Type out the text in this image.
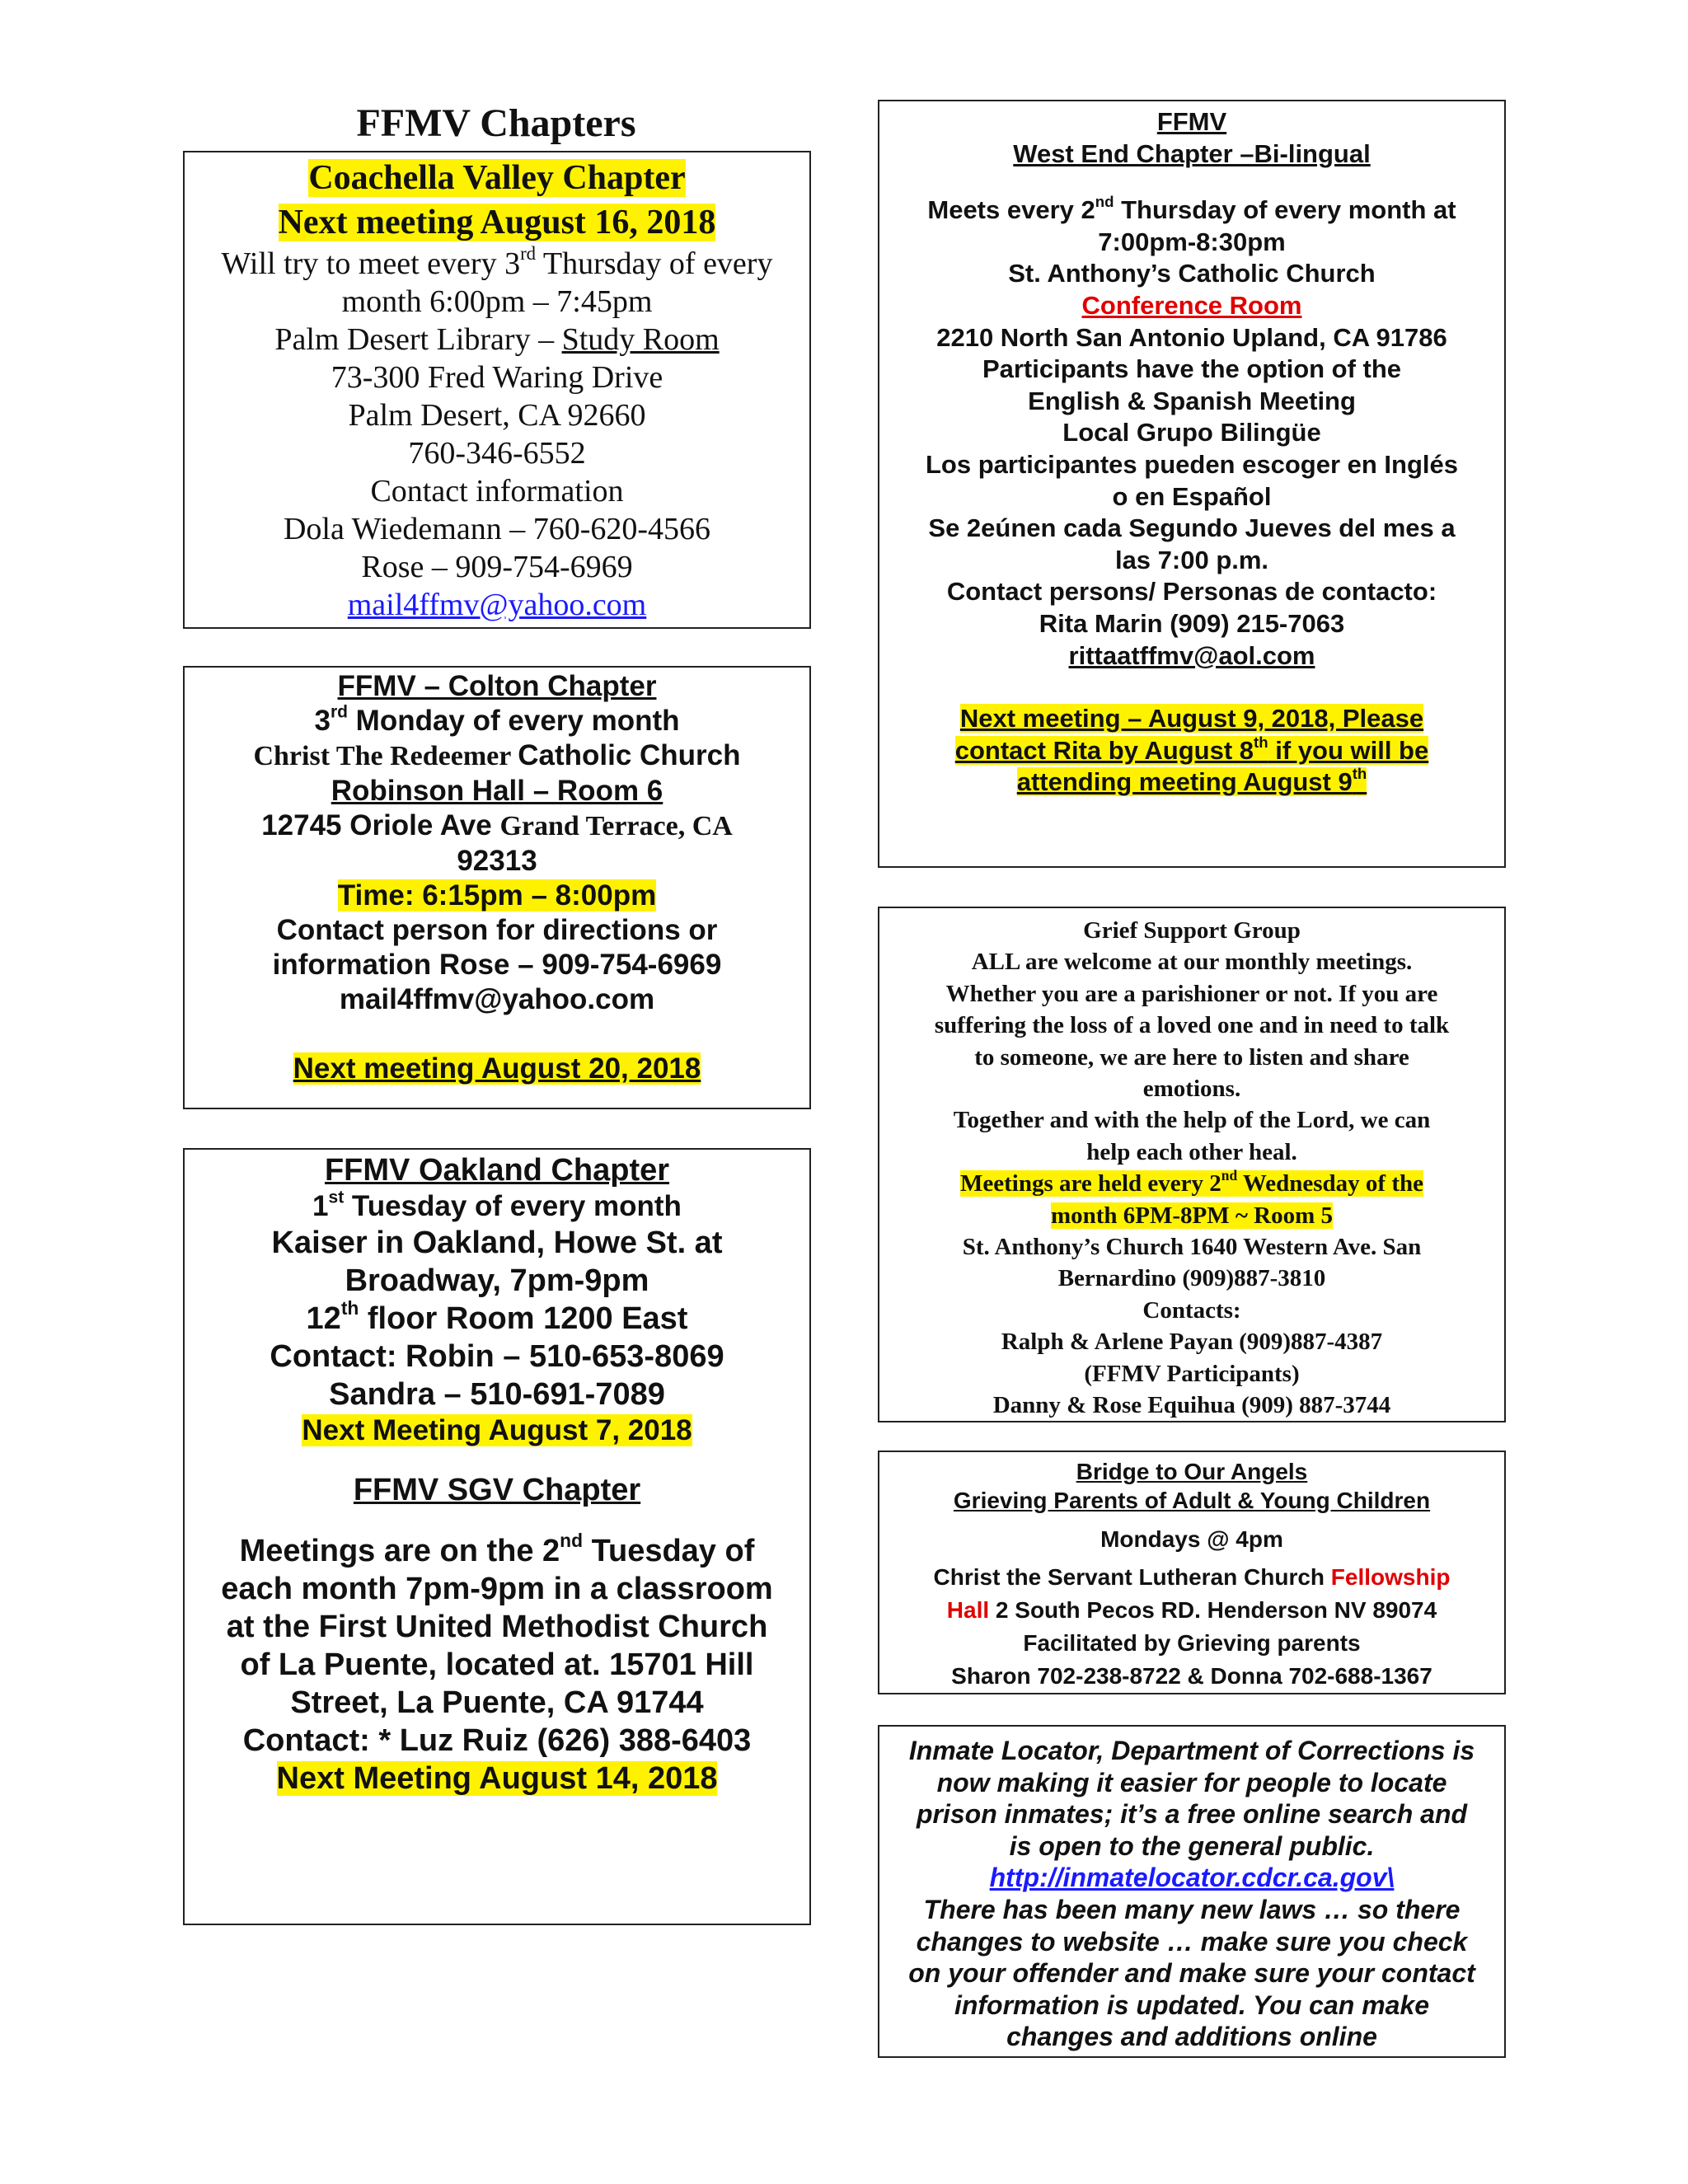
FFMV Chapters
Coachella Valley Chapter
Next meeting August 16, 2018
Will try to meet every 3rd Thursday of every
month 6:00pm – 7:45pm
Palm Desert Library – Study Room
73-300 Fred Waring Drive
Palm Desert, CA 92660
760-346-6552
Contact information
Dola Wiedemann – 760-620-4566
Rose – 909-754-6969
mail4ffmv@yahoo.com
FFMV
West End Chapter –Bi-lingual
Meets every 2nd Thursday of every month at
7:00pm-8:30pm
St. Anthony’s Catholic Church
Conference Room
2210 North San Antonio Upland, CA 91786
Participants have the option of the
English & Spanish Meeting
Local Grupo Bilingüe
Los participantes pueden escoger en Inglés
o en Español
Se 2eúnen cada Segundo Jueves del mes a
las 7:00 p.m.
Contact persons/ Personas de contacto:
Rita Marin (909) 215-7063
rittaatffmv@aol.com
Next meeting – August 9, 2018, Please
contact Rita by August 8th if you will be
attending meeting August 9th
FFMV – Colton Chapter
3rd Monday of every month
Christ The Redeemer Catholic Church
Robinson Hall – Room 6
12745 Oriole Ave Grand Terrace, CA
92313
Time: 6:15pm – 8:00pm
Contact person for directions or
information Rose – 909-754-6969
mail4ffmv@yahoo.com
Next meeting August 20, 2018
FFMV Oakland Chapter
1st Tuesday of every month
Kaiser in Oakland, Howe St. at
Broadway, 7pm-9pm
12th floor Room 1200 East
Contact: Robin – 510-653-8069
Sandra – 510-691-7089
Next Meeting August 7, 2018
FFMV SGV Chapter
Meetings are on the 2nd Tuesday of
each month 7pm-9pm in a classroom
at the First United Methodist Church
of La Puente, located at. 15701 Hill
Street, La Puente, CA 91744
Contact: * Luz Ruiz (626) 388-6403
Next Meeting August 14, 2018
Grief Support Group
ALL are welcome at our monthly meetings.
Whether you are a parishioner or not. If you are
suffering the loss of a loved one and in need to talk
to someone, we are here to listen and share
emotions.
Together and with the help of the Lord, we can
help each other heal.
Meetings are held every 2nd Wednesday of the
month 6PM-8PM ~ Room 5
St. Anthony’s Church 1640 Western Ave. San
Bernardino (909)887-3810
Contacts:
Ralph & Arlene Payan (909)887-4387
(FFMV Participants)
Danny & Rose Equihua (909) 887-3744
Bridge to Our Angels
Grieving Parents of Adult & Young Children
Mondays @ 4pm
Christ the Servant Lutheran Church Fellowship
Hall 2 South Pecos RD. Henderson NV 89074
Facilitated by Grieving parents
Sharon 702-238-8722 & Donna 702-688-1367
Inmate Locator, Department of Corrections is
now making it easier for people to locate
prison inmates; it’s a free online search and
is open to the general public.
http://inmatelocator.cdcr.ca.gov\
There has been many new laws … so there
changes to website … make sure you check
on your offender and make sure your contact
information is updated. You can make
changes and additions online
